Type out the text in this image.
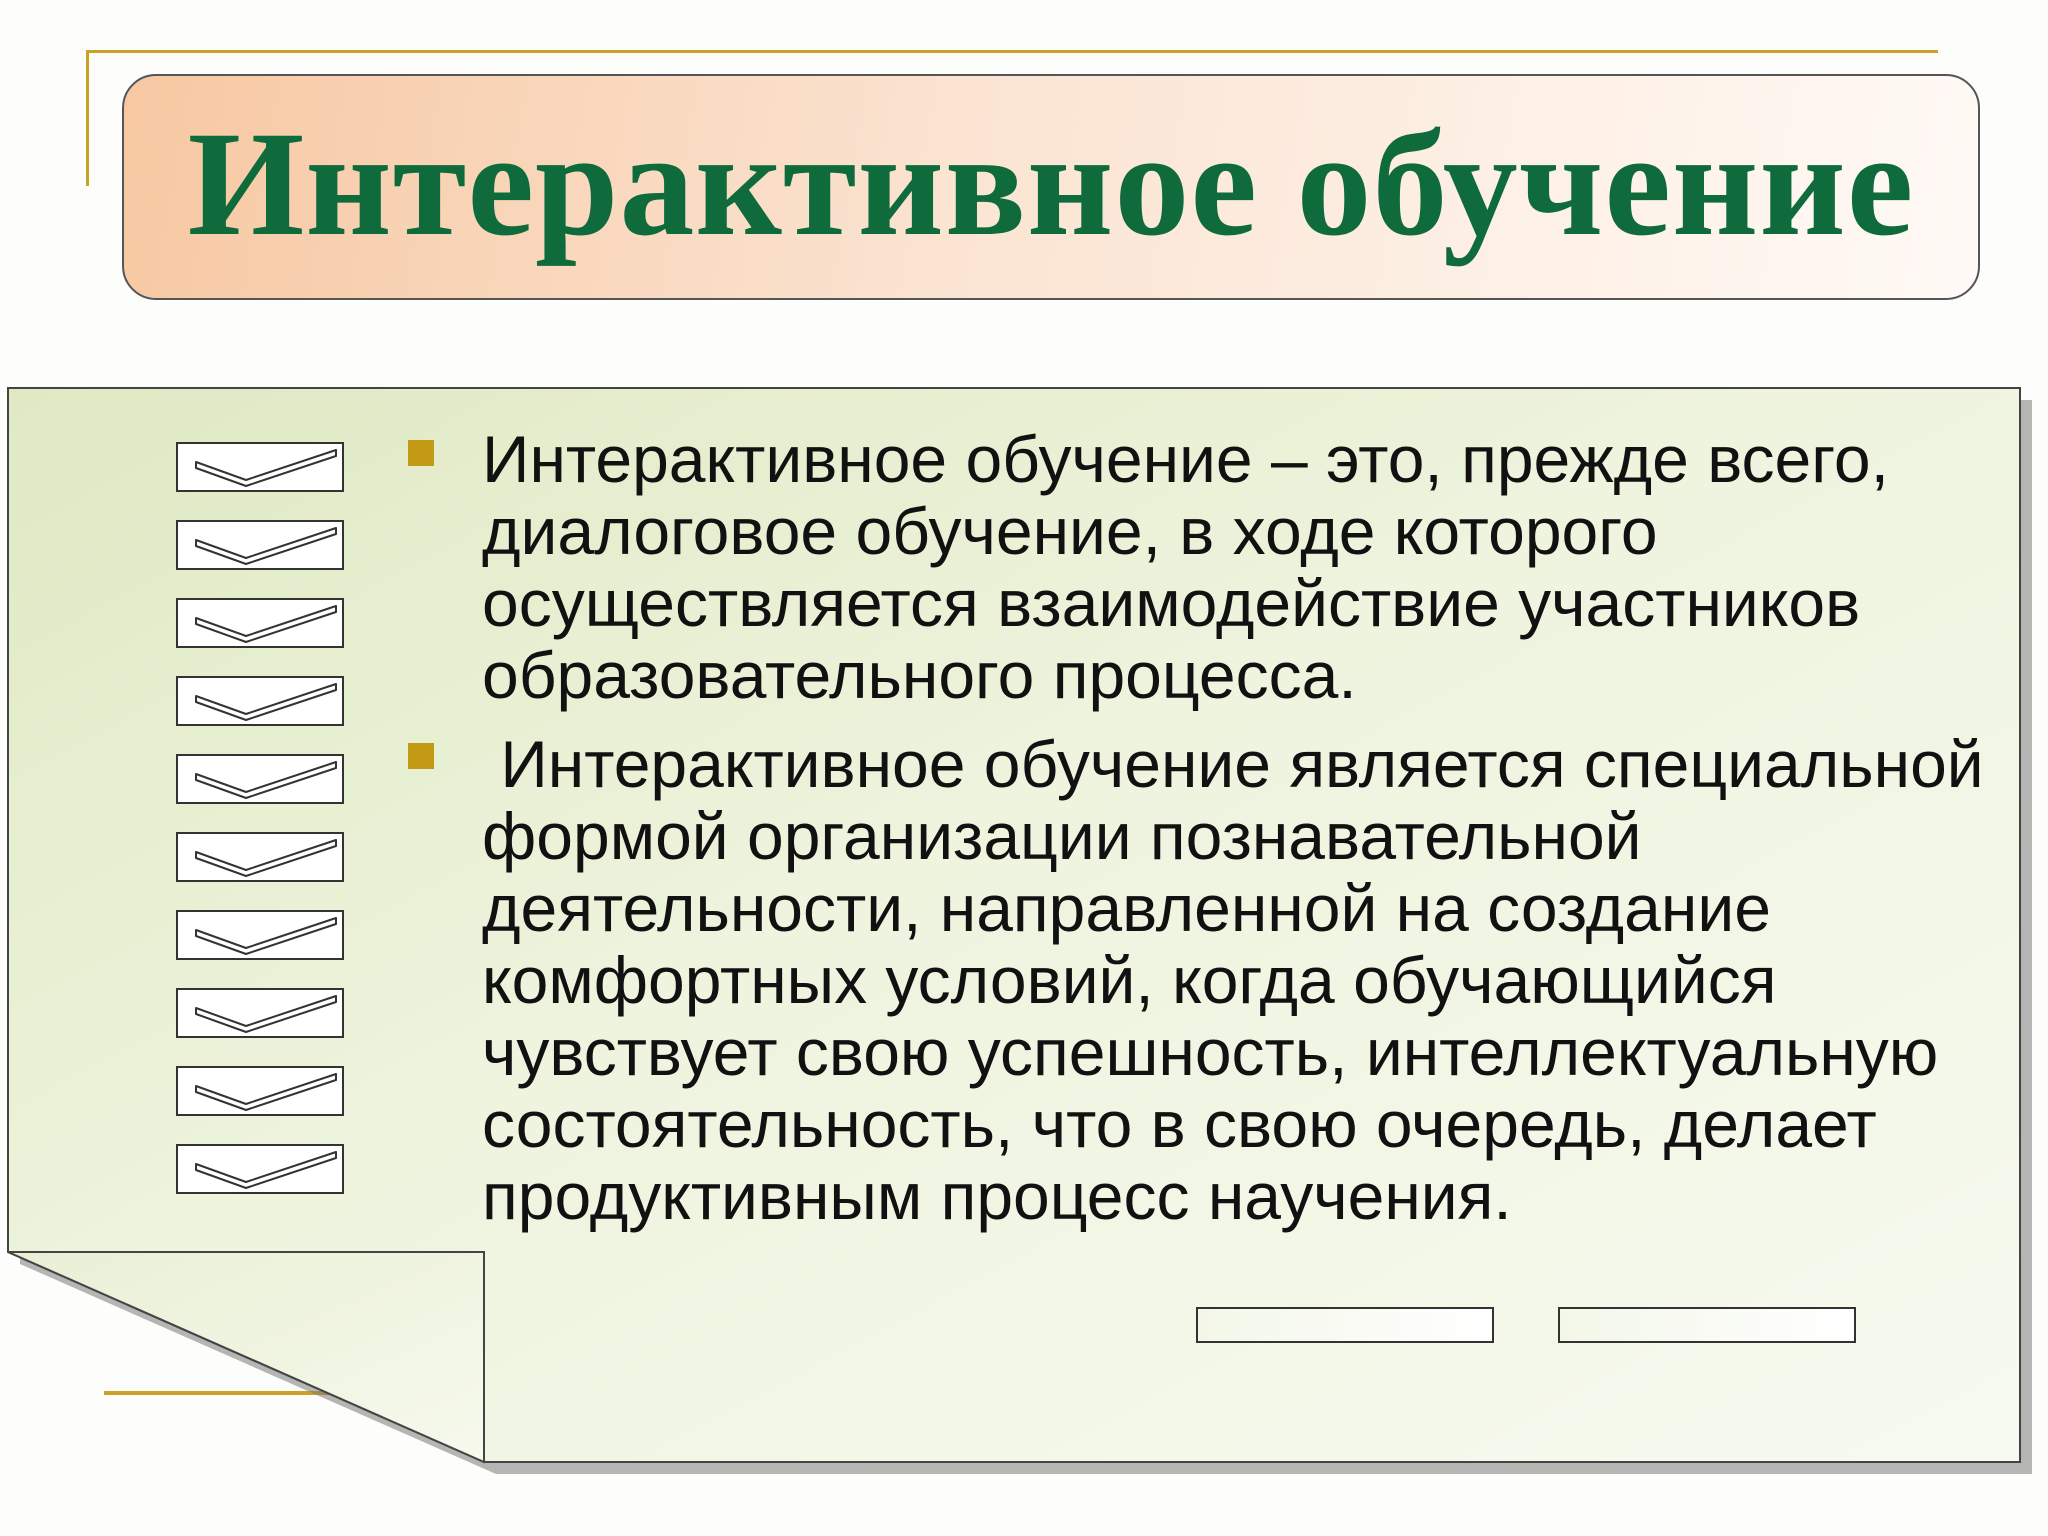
Интерактивное обучение
Интерактивное обучение – это, прежде всего, диалоговое обучение, в ходе которого осуществляется взаимодействие участников образовательного процесса.
Интерактивное обучение является специальной формой организации познавательной деятельности, направленной на создание комфортных условий, когда обучающийся чувствует свою успешность, интеллектуальную состоятельность, что в свою очередь, делает продуктивным процесс научения.
